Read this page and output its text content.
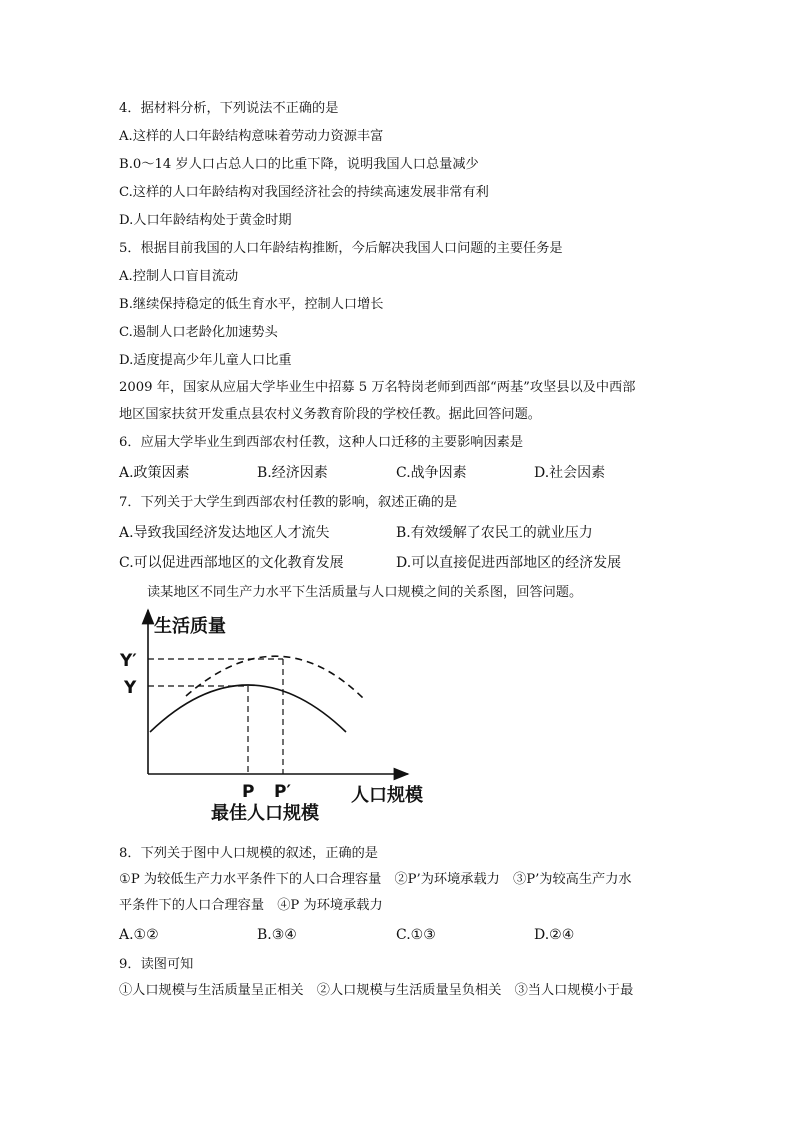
4．据材料分析，下列说法不正确的是
A.这样的人口年龄结构意味着劳动力资源丰富
B.0～14 岁人口占总人口的比重下降，说明我国人口总量减少
C.这样的人口年龄结构对我国经济社会的持续高速发展非常有利
D.人口年龄结构处于黄金时期
5．根据目前我国的人口年龄结构推断，今后解决我国人口问题的主要任务是
A.控制人口盲目流动
B.继续保持稳定的低生育水平，控制人口增长
C.遏制人口老龄化加速势头
D.适度提高少年儿童人口比重
2009 年，国家从应届大学毕业生中招募 5 万名特岗老师到西部“两基”攻坚县以及中西部
地区国家扶贫开发重点县农村义务教育阶段的学校任教。据此回答问题。
6．应届大学毕业生到西部农村任教，这种人口迁移的主要影响因素是
A.政策因素	B.经济因素	C.战争因素	D.社会因素
7．下列关于大学生到西部农村任教的影响，叙述正确的是
A.导致我国经济发达地区人才流失	B.有效缓解了农民工的就业压力
C.可以促进西部地区的文化教育发展	D.可以直接促进西部地区的经济发展
读某地区不同生产力水平下生活质量与人口规模之间的关系图，回答问题。
生活质量
Y′
Y
P P′	人口规模
最佳人口规模
8．下列关于图中人口规模的叙述，正确的是
①P 为较低生产力水平条件下的人口合理容量　②P’为环境承载力　③P’为较高生产力水
平条件下的人口合理容量　④P 为环境承载力
A.①②	B.③④	C.①③	D.②④
9．读图可知
①人口规模与生活质量呈正相关　②人口规模与生活质量呈负相关　③当人口规模小于最
